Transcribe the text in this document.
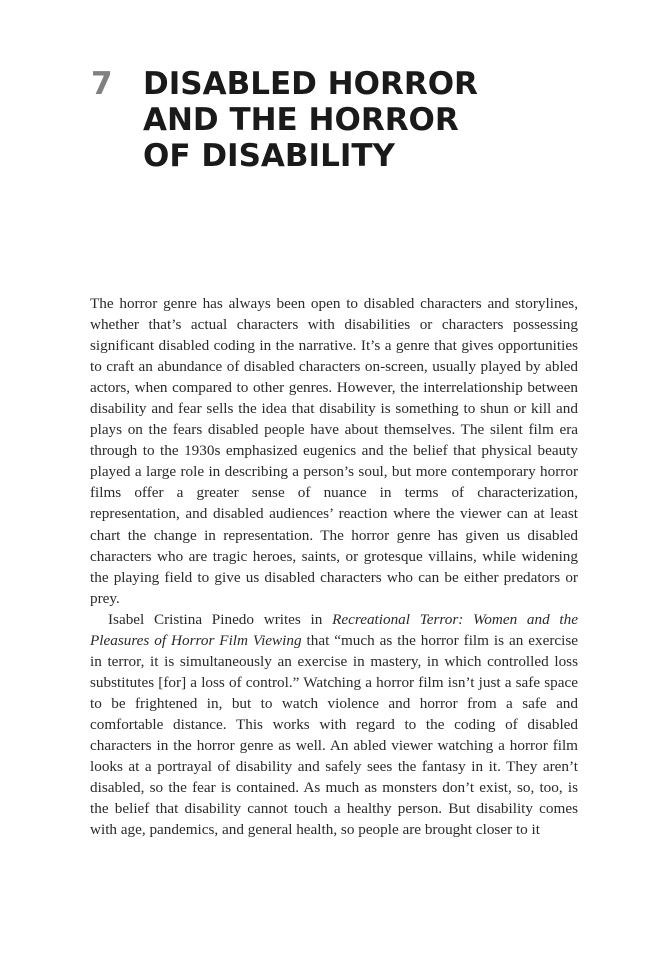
7 DISABLED HORROR
AND THE HORROR
OF DISABILITY

The horror genre has always been open to disabled characters and storylines, whether that’s actual characters with disabilities or characters possessing significant disabled coding in the narrative. It’s a genre that gives opportunities to craft an abundance of disabled characters on-screen, usually played by abled actors, when compared to other genres. However, the interrelationship between disability and fear sells the idea that disability is something to shun or kill and plays on the fears disabled people have about themselves. The silent film era through to the 1930s emphasized eugenics and the belief that physical beauty played a large role in describing a person’s soul, but more contemporary horror films offer a greater sense of nuance in terms of characterization, representation, and disabled audiences’ reaction where the viewer can at least chart the change in representation. The horror genre has given us disabled characters who are tragic heroes, saints, or grotesque villains, while widening the playing field to give us disabled characters who can be either predators or prey.

Isabel Cristina Pinedo writes in Recreational Terror: Women and the Pleasures of Horror Film Viewing that “much as the horror film is an exercise in terror, it is simultaneously an exercise in mastery, in which controlled loss substitutes [for] a loss of control.” Watching a horror film isn’t just a safe space to be frightened in, but to watch violence and horror from a safe and comfortable distance. This works with regard to the coding of disabled characters in the horror genre as well. An abled viewer watching a horror film looks at a portrayal of disability and safely sees the fantasy in it. They aren’t disabled, so the fear is contained. As much as monsters don’t exist, so, too, is the belief that disability cannot touch a healthy person. But disability comes with age, pandemics, and general health, so people are brought closer to it
